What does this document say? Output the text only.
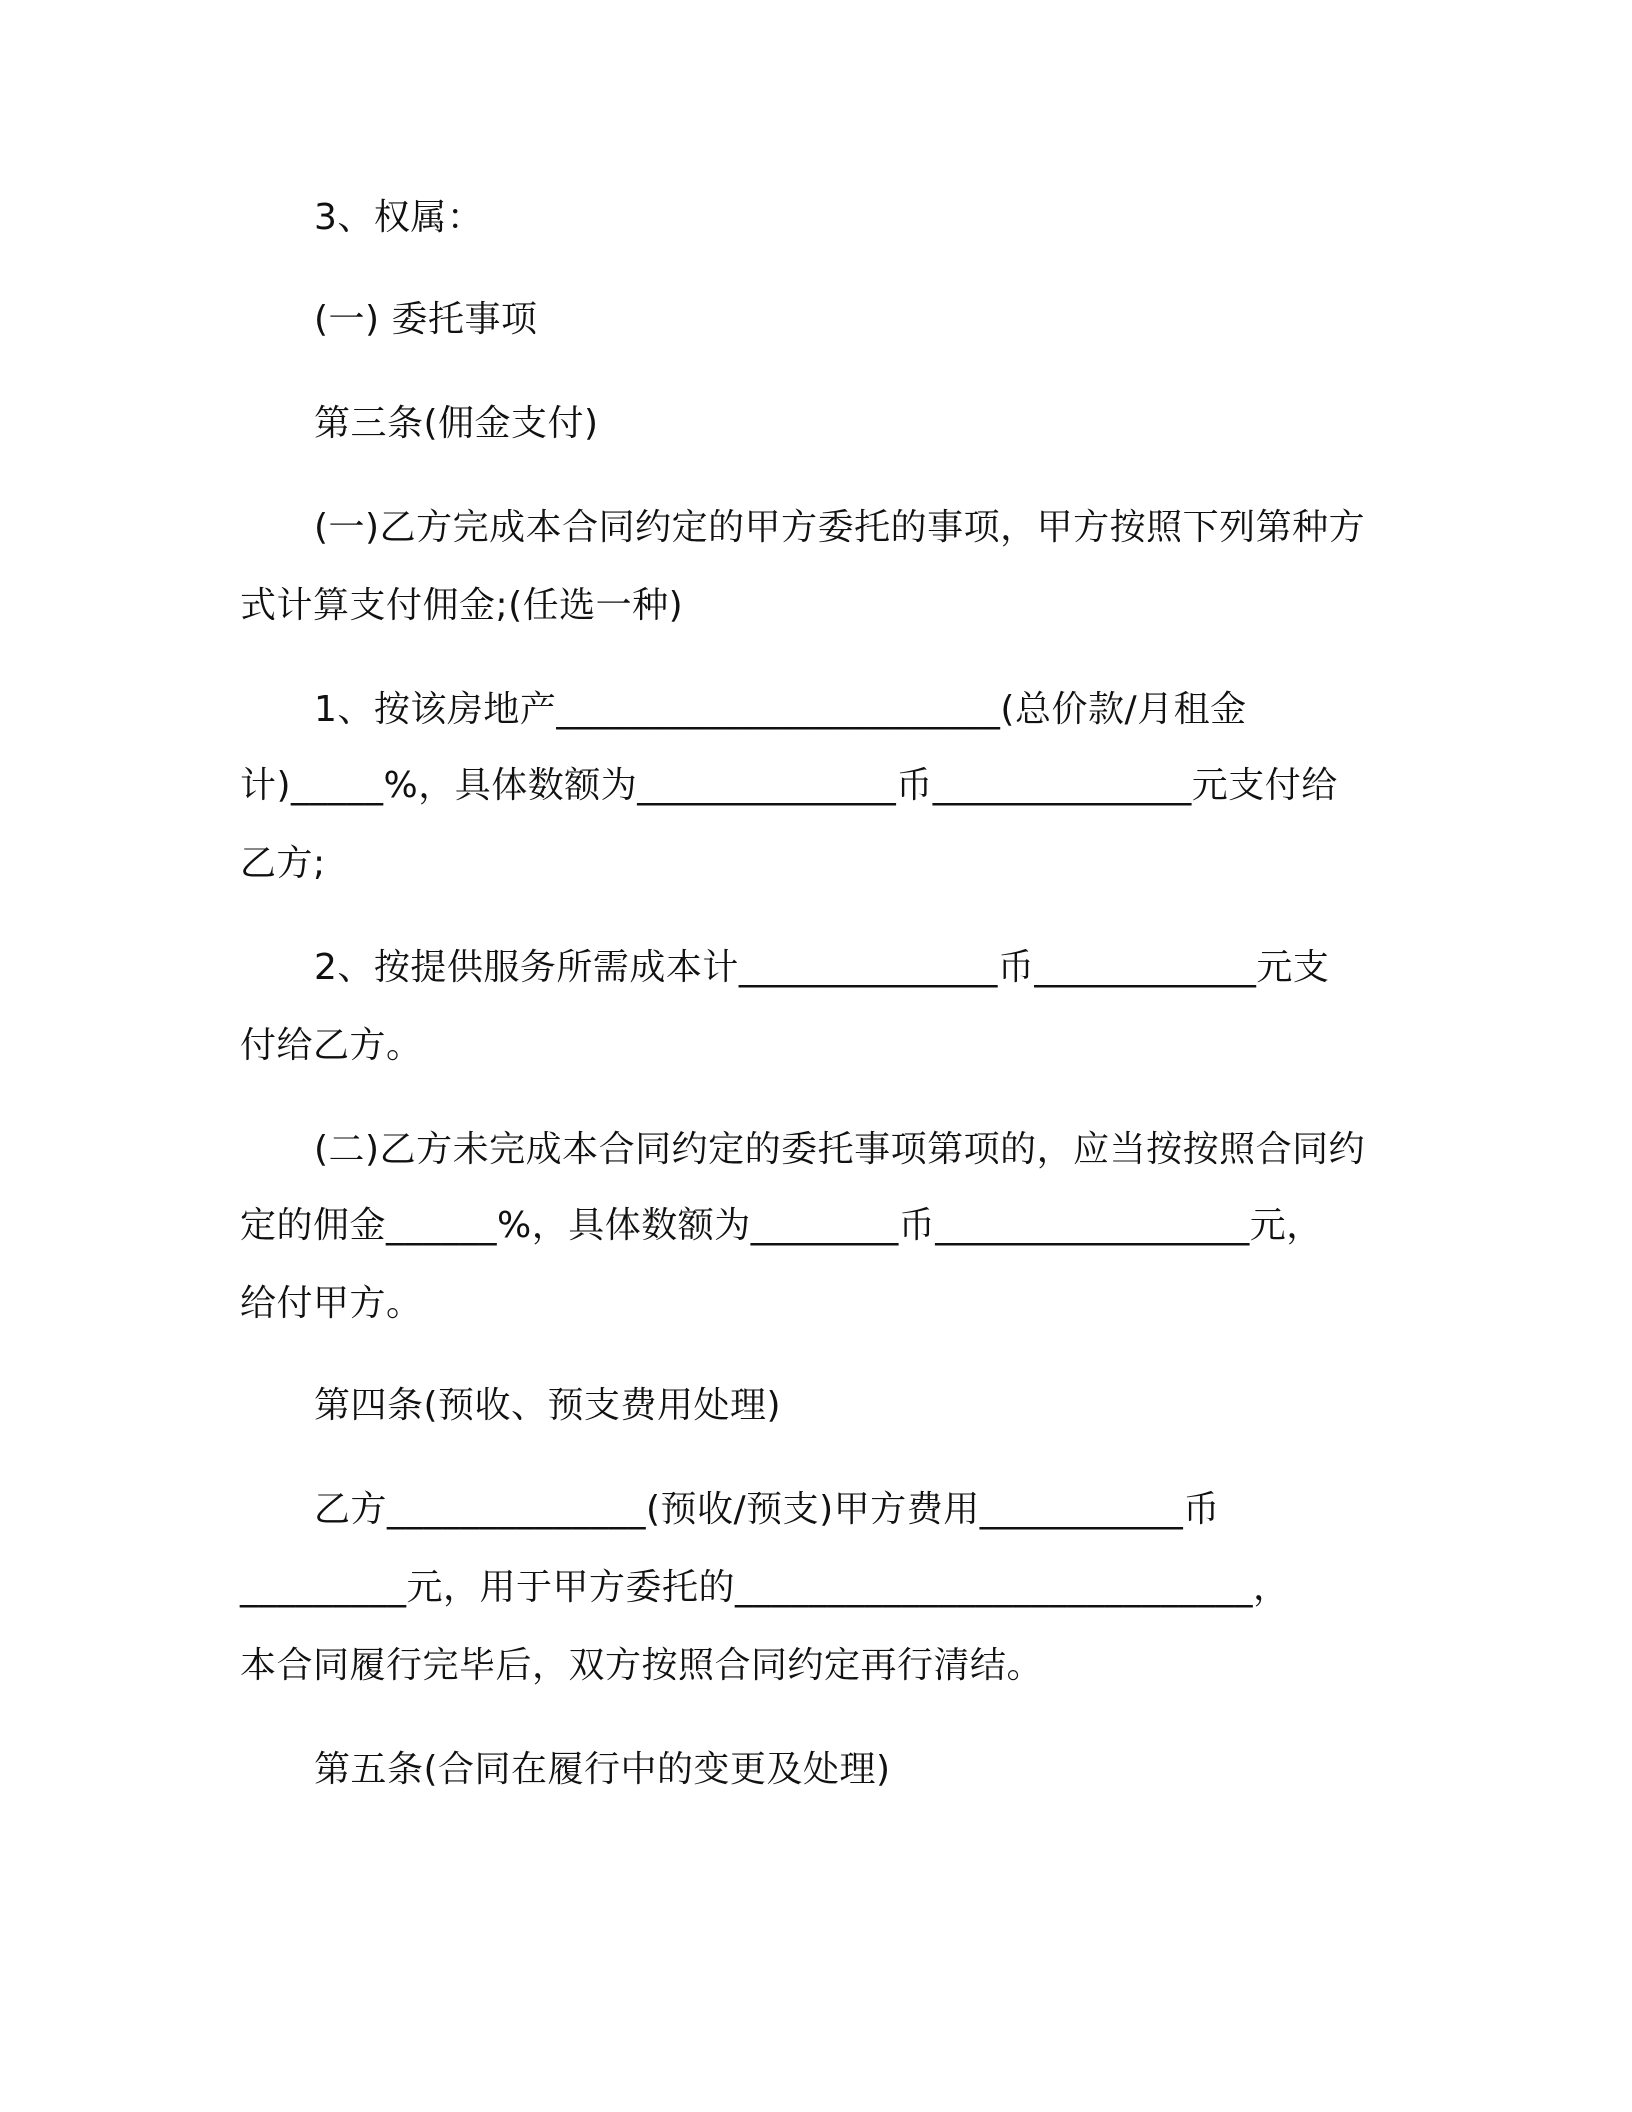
3、权属：
(一) 委托事项
第三条(佣金支付)
(一)乙方完成本合同约定的甲方委托的事项，甲方按照下列第种方
式计算支付佣金;(任选一种)
1、按该房地产________________________(总价款/月租金
计)_____%，具体数额为______________币______________元支付给
乙方;
2、按提供服务所需成本计______________币____________元支
付给乙方。
(二)乙方未完成本合同约定的委托事项第项的，应当按按照合同约
定的佣金______%，具体数额为________币_________________元，
给付甲方。
第四条(预收、预支费用处理)
乙方______________(预收/预支)甲方费用___________币
_________元，用于甲方委托的____________________________，
本合同履行完毕后，双方按照合同约定再行清结。
第五条(合同在履行中的变更及处理)
